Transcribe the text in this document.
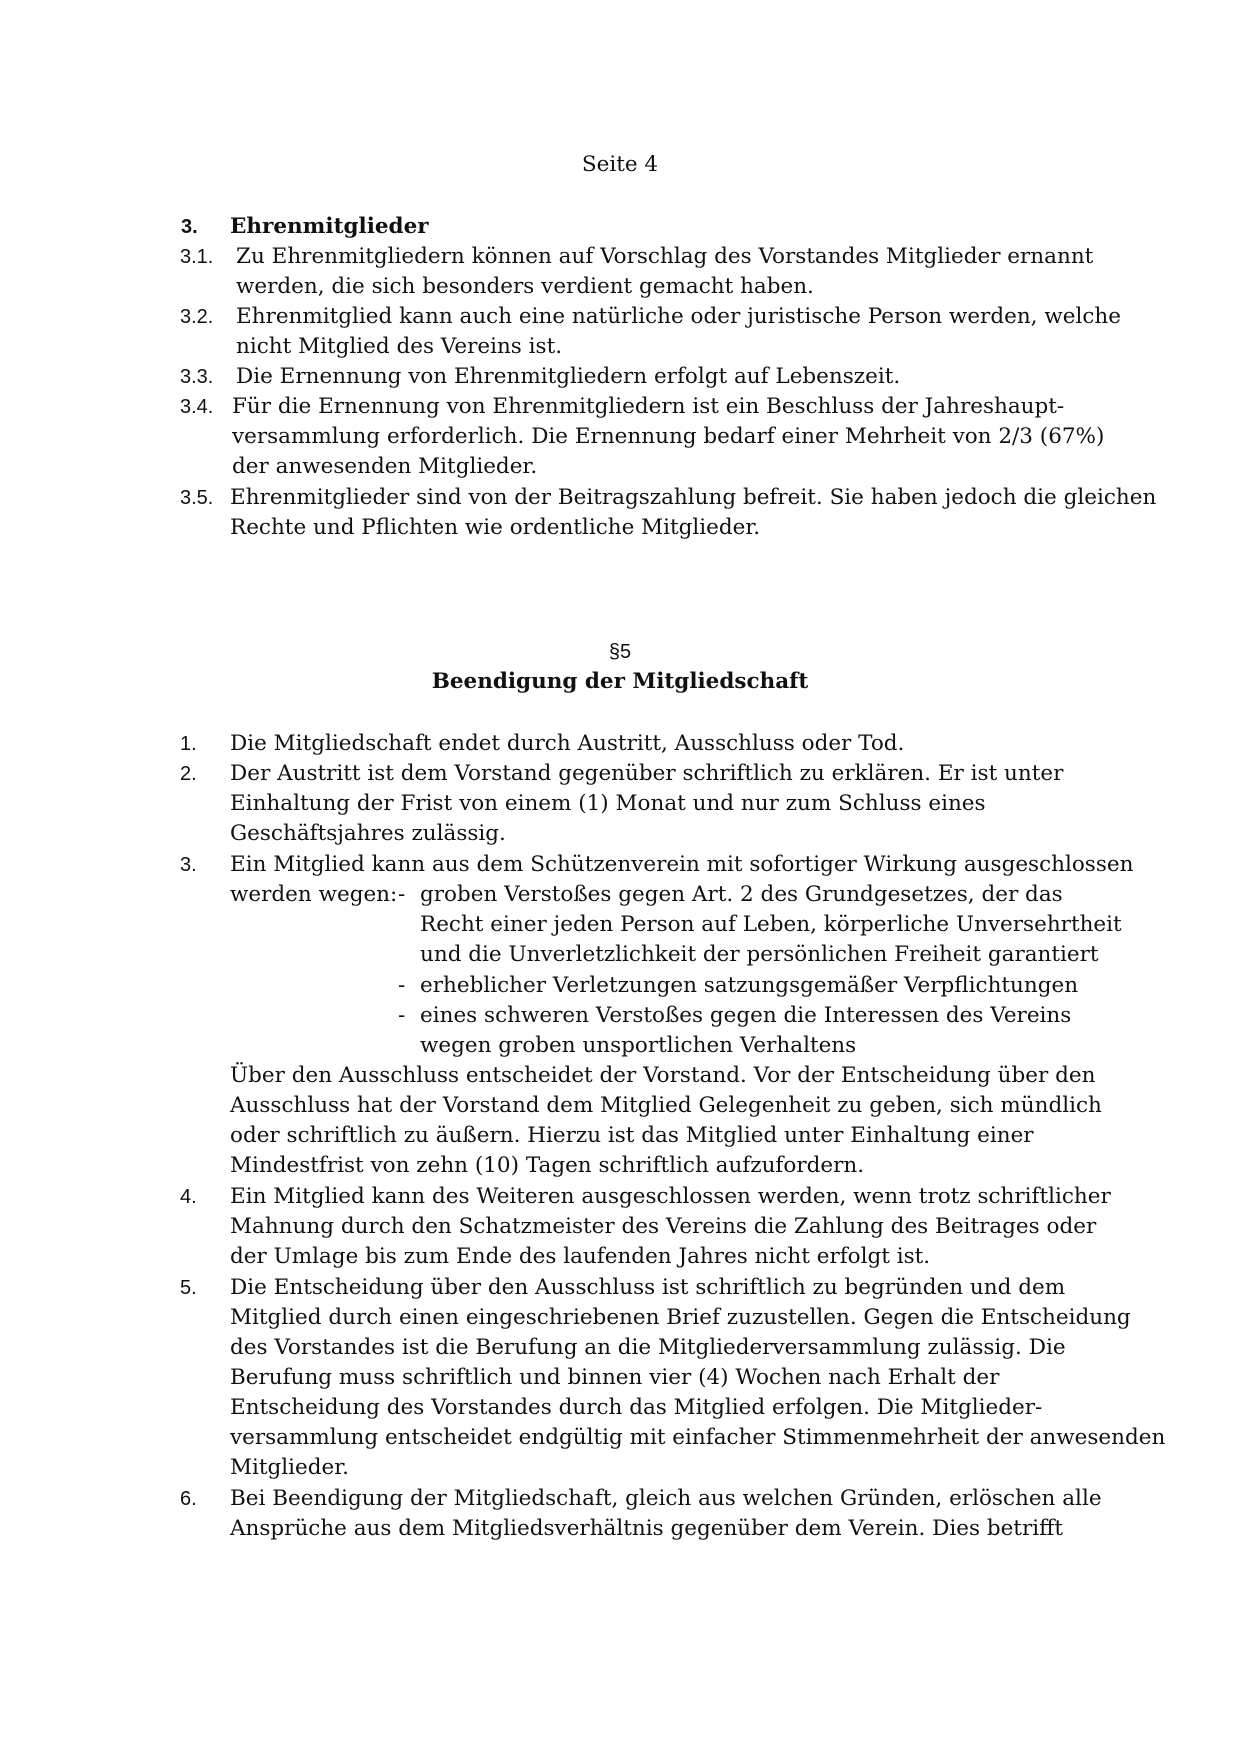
Seite 4
3. Ehrenmitglieder
3.1. Zu Ehrenmitgliedern können auf Vorschlag des Vorstandes Mitglieder ernannt
werden, die sich besonders verdient gemacht haben.
3.2. Ehrenmitglied kann auch eine natürliche oder juristische Person werden, welche
nicht Mitglied des Vereins ist.
3.3. Die Ernennung von Ehrenmitgliedern erfolgt auf Lebenszeit.
3.4. Für die Ernennung von Ehrenmitgliedern ist ein Beschluss der Jahreshaupt-
versammlung erforderlich. Die Ernennung bedarf einer Mehrheit von 2/3 (67%)
der anwesenden Mitglieder.
3.5. Ehrenmitglieder sind von der Beitragszahlung befreit. Sie haben jedoch die gleichen
Rechte und Pflichten wie ordentliche Mitglieder.
§5
Beendigung der Mitgliedschaft
1. Die Mitgliedschaft endet durch Austritt, Ausschluss oder Tod.
2. Der Austritt ist dem Vorstand gegenüber schriftlich zu erklären. Er ist unter
Einhaltung der Frist von einem (1) Monat und nur zum Schluss eines
Geschäftsjahres zulässig.
3. Ein Mitglied kann aus dem Schützenverein mit sofortiger Wirkung ausgeschlossen
werden wegen: - groben Verstoßes gegen Art. 2 des Grundgesetzes, der das
Recht einer jeden Person auf Leben, körperliche Unversehrtheit
und die Unverletzlichkeit der persönlichen Freiheit garantiert
- erheblicher Verletzungen satzungsgemäßer Verpflichtungen
- eines schweren Verstoßes gegen die Interessen des Vereins
wegen groben unsportlichen Verhaltens
Über den Ausschluss entscheidet der Vorstand. Vor der Entscheidung über den
Ausschluss hat der Vorstand dem Mitglied Gelegenheit zu geben, sich mündlich
oder schriftlich zu äußern. Hierzu ist das Mitglied unter Einhaltung einer
Mindestfrist von zehn (10) Tagen schriftlich aufzufordern.
4. Ein Mitglied kann des Weiteren ausgeschlossen werden, wenn trotz schriftlicher
Mahnung durch den Schatzmeister des Vereins die Zahlung des Beitrages oder
der Umlage bis zum Ende des laufenden Jahres nicht erfolgt ist.
5. Die Entscheidung über den Ausschluss ist schriftlich zu begründen und dem
Mitglied durch einen eingeschriebenen Brief zuzustellen. Gegen die Entscheidung
des Vorstandes ist die Berufung an die Mitgliederversammlung zulässig. Die
Berufung muss schriftlich und binnen vier (4) Wochen nach Erhalt der
Entscheidung des Vorstandes durch das Mitglied erfolgen. Die Mitglieder-
versammlung entscheidet endgültig mit einfacher Stimmenmehrheit der anwesenden
Mitglieder.
6. Bei Beendigung der Mitgliedschaft, gleich aus welchen Gründen, erlöschen alle
Ansprüche aus dem Mitgliedsverhältnis gegenüber dem Verein. Dies betrifft
